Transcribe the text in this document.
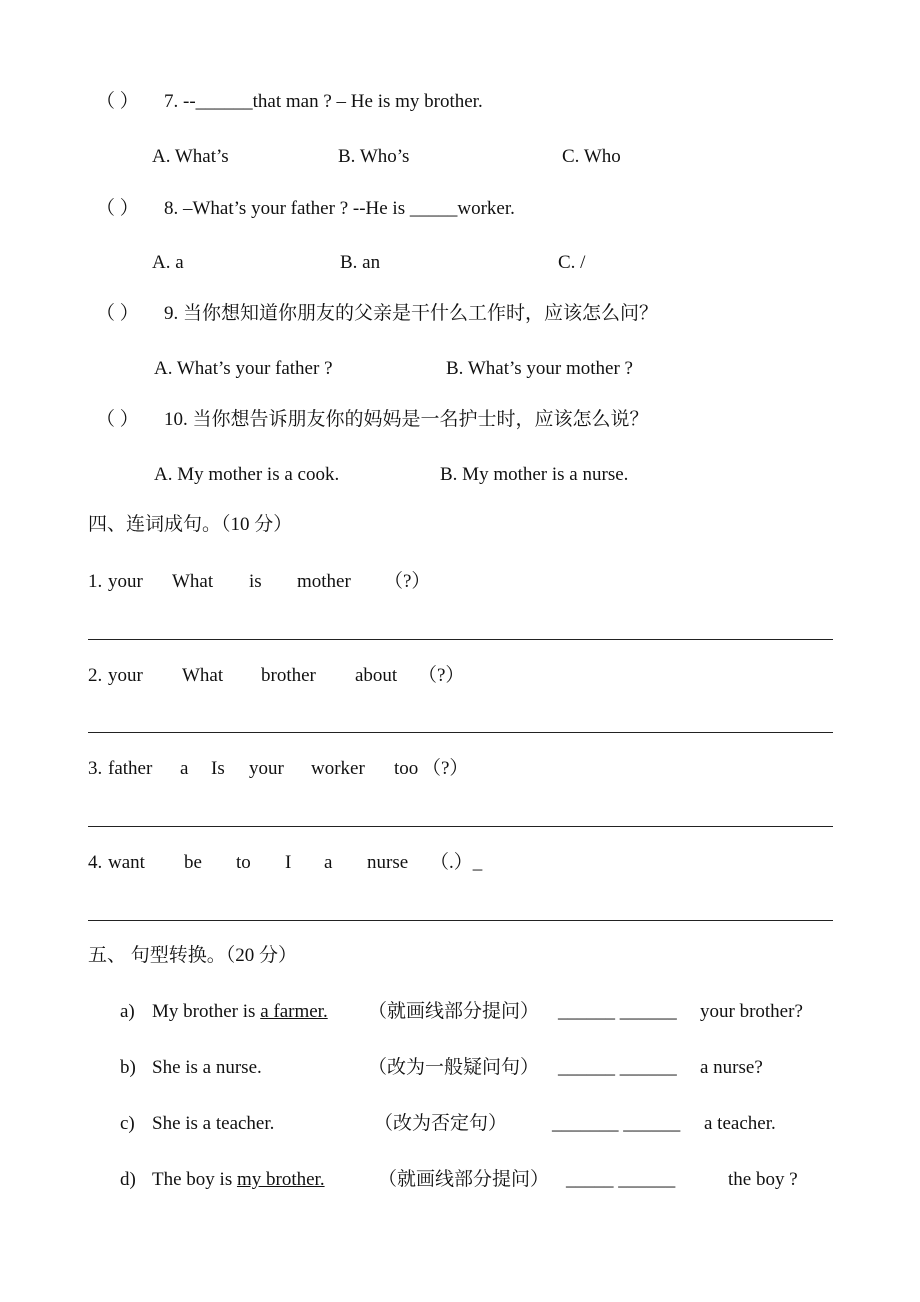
（ ） 7. --______that man ? – He is my brother.
A. What’s	B. Who’s	C. Who
（ ） 8. –What’s your father ? --He is _____worker.
A. a	B. an	C. /
（ ） 9. 当你想知道你朋友的父亲是干什么工作时，应该怎么问？
A. What’s your father ?	B. What’s your mother ?
（ ） 10. 当你想告诉朋友你的妈妈是一名护士时，应该怎么说？
A. My mother is a cook.	B. My mother is a nurse.
四、连词成句。（10 分）
1. your What is mother （?）
2. your What brother about （?）
3. father a Is your worker too （?）
4. want be to I a nurse （.）_
五、 句型转换。（20 分）
a) My brother is a farmer. （就画线部分提问） ______ ______ your brother?
b) She is a nurse.	（改为一般疑问句） ______ ______ a nurse?
c) She is a teacher.	（改为否定句） _______ ______ a teacher.
d) The boy is my brother.	（就画线部分提问） _____ ______	the boy ?
